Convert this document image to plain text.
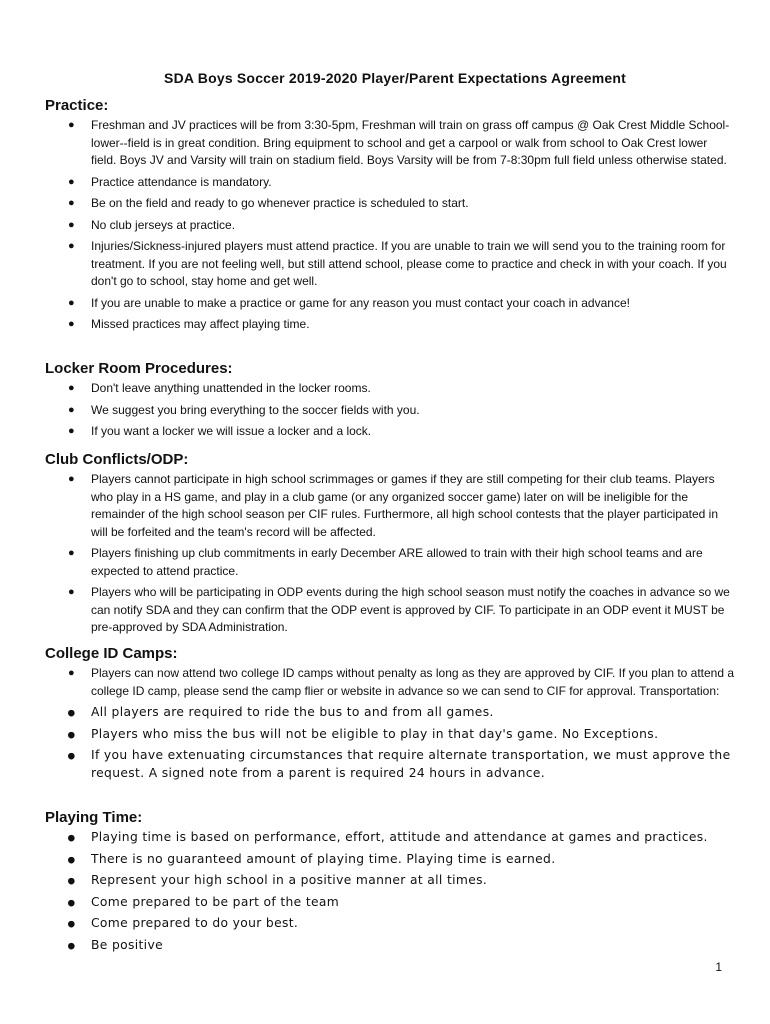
SDA Boys Soccer 2019-2020 Player/Parent Expectations Agreement
Practice:
● Freshman and JV practices will be from 3:30-5pm, Freshman will train on grass off campus @ Oak Crest Middle School-lower--field is in great condition. Bring equipment to school and get a carpool or walk from school to Oak Crest lower field. Boys JV and Varsity will train on stadium field. Boys Varsity will be from 7-8:30pm full field unless otherwise stated.
● Practice attendance is mandatory.
● Be on the field and ready to go whenever practice is scheduled to start.
● No club jerseys at practice.
● Injuries/Sickness-injured players must attend practice. If you are unable to train we will send you to the training room for treatment. If you are not feeling well, but still attend school, please come to practice and check in with your coach. If you don't go to school, stay home and get well.
● If you are unable to make a practice or game for any reason you must contact your coach in advance!
● Missed practices may affect playing time.
Locker Room Procedures:
● Don't leave anything unattended in the locker rooms.
● We suggest you bring everything to the soccer fields with you.
● If you want a locker we will issue a locker and a lock.
Club Conflicts/ODP:
● Players cannot participate in high school scrimmages or games if they are still competing for their club teams. Players who play in a HS game, and play in a club game (or any organized soccer game) later on will be ineligible for the remainder of the high school season per CIF rules. Furthermore, all high school contests that the player participated in will be forfeited and the team's record will be affected.
● Players finishing up club commitments in early December ARE allowed to train with their high school teams and are expected to attend practice.
● Players who will be participating in ODP events during the high school season must notify the coaches in advance so we can notify SDA and they can confirm that the ODP event is approved by CIF. To participate in an ODP event it MUST be pre-approved by SDA Administration.
College ID Camps:
● Players can now attend two college ID camps without penalty as long as they are approved by CIF. If you plan to attend a college ID camp, please send the camp flier or website in advance so we can send to CIF for approval. Transportation:
● All players are required to ride the bus to and from all games.
● Players who miss the bus will not be eligible to play in that day's game. No Exceptions.
● If you have extenuating circumstances that require alternate transportation, we must approve the request. A signed note from a parent is required 24 hours in advance.
Playing Time:
● Playing time is based on performance, effort, attitude and attendance at games and practices.
● There is no guaranteed amount of playing time. Playing time is earned.
● Represent your high school in a positive manner at all times.
● Come prepared to be part of the team
● Come prepared to do your best.
● Be positive
1
